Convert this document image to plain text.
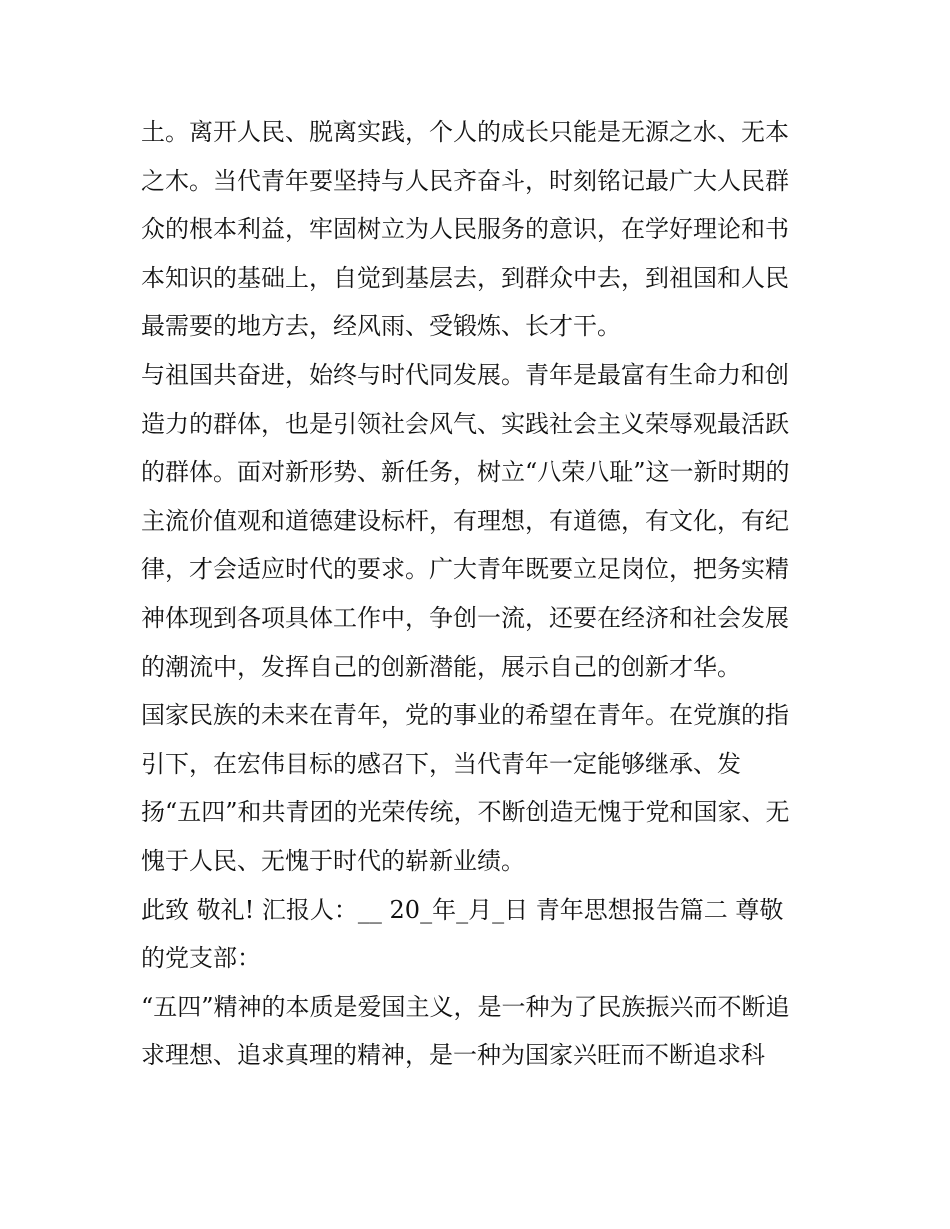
土。离开人民、脱离实践，个人的成长只能是无源之水、无本
之木。当代青年要坚持与人民齐奋斗，时刻铭记最广大人民群
众的根本利益，牢固树立为人民服务的意识，在学好理论和书
本知识的基础上，自觉到基层去，到群众中去，到祖国和人民
最需要的地方去，经风雨、受锻炼、长才干。
与祖国共奋进，始终与时代同发展。青年是最富有生命力和创
造力的群体，也是引领社会风气、实践社会主义荣辱观最活跃
的群体。面对新形势、新任务，树立“八荣八耻”这一新时期的
主流价值观和道德建设标杆，有理想，有道德，有文化，有纪
律，才会适应时代的要求。广大青年既要立足岗位，把务实精
神体现到各项具体工作中，争创一流，还要在经济和社会发展
的潮流中，发挥自己的创新潜能，展示自己的创新才华。
国家民族的未来在青年，党的事业的希望在青年。在党旗的指
引下，在宏伟目标的感召下，当代青年一定能够继承、发
扬“五四”和共青团的光荣传统，不断创造无愧于党和国家、无
愧于人民、无愧于时代的崭新业绩。
此致 敬礼! 汇报人：__ 20_年_月_日 青年思想报告篇二 尊敬
的党支部：
“五四”精神的本质是爱国主义，是一种为了民族振兴而不断追
求理想、追求真理的精神，是一种为国家兴旺而不断追求科
